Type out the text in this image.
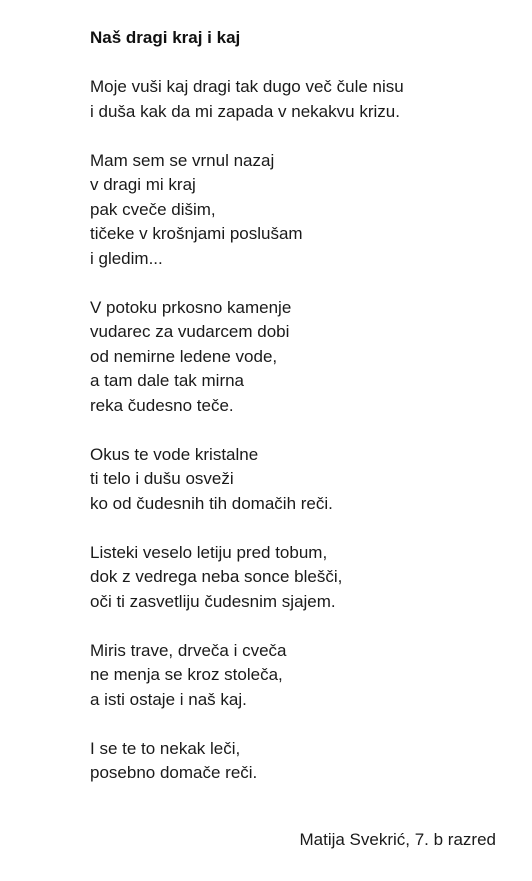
Naš dragi kraj i kaj
Moje vuši kaj dragi tak dugo več čule nisu
i duša kak da mi zapada v nekakvu krizu.
Mam sem se vrnul nazaj
v dragi mi kraj
pak cveče dišim,
tičeke v krošnjami poslušam
i gledim...
V potoku prkosno kamenje
vudarec za vudarcem dobi
od nemirne ledene vode,
a tam dale tak mirna
reka čudesno teče.
Okus te vode kristalne
ti telo i dušu osveži
ko od čudesnih tih domačih reči.
Listeki veselo letiju pred tobum,
dok z vedrega neba sonce blešči,
oči ti zasvetliju čudesnim sjajem.
Miris trave, drveča i cveča
ne menja se kroz stoleča,
a isti ostaje i naš kaj.
I se te to nekak leči,
posebno domače reči.
Matija Svekrić, 7. b razred
